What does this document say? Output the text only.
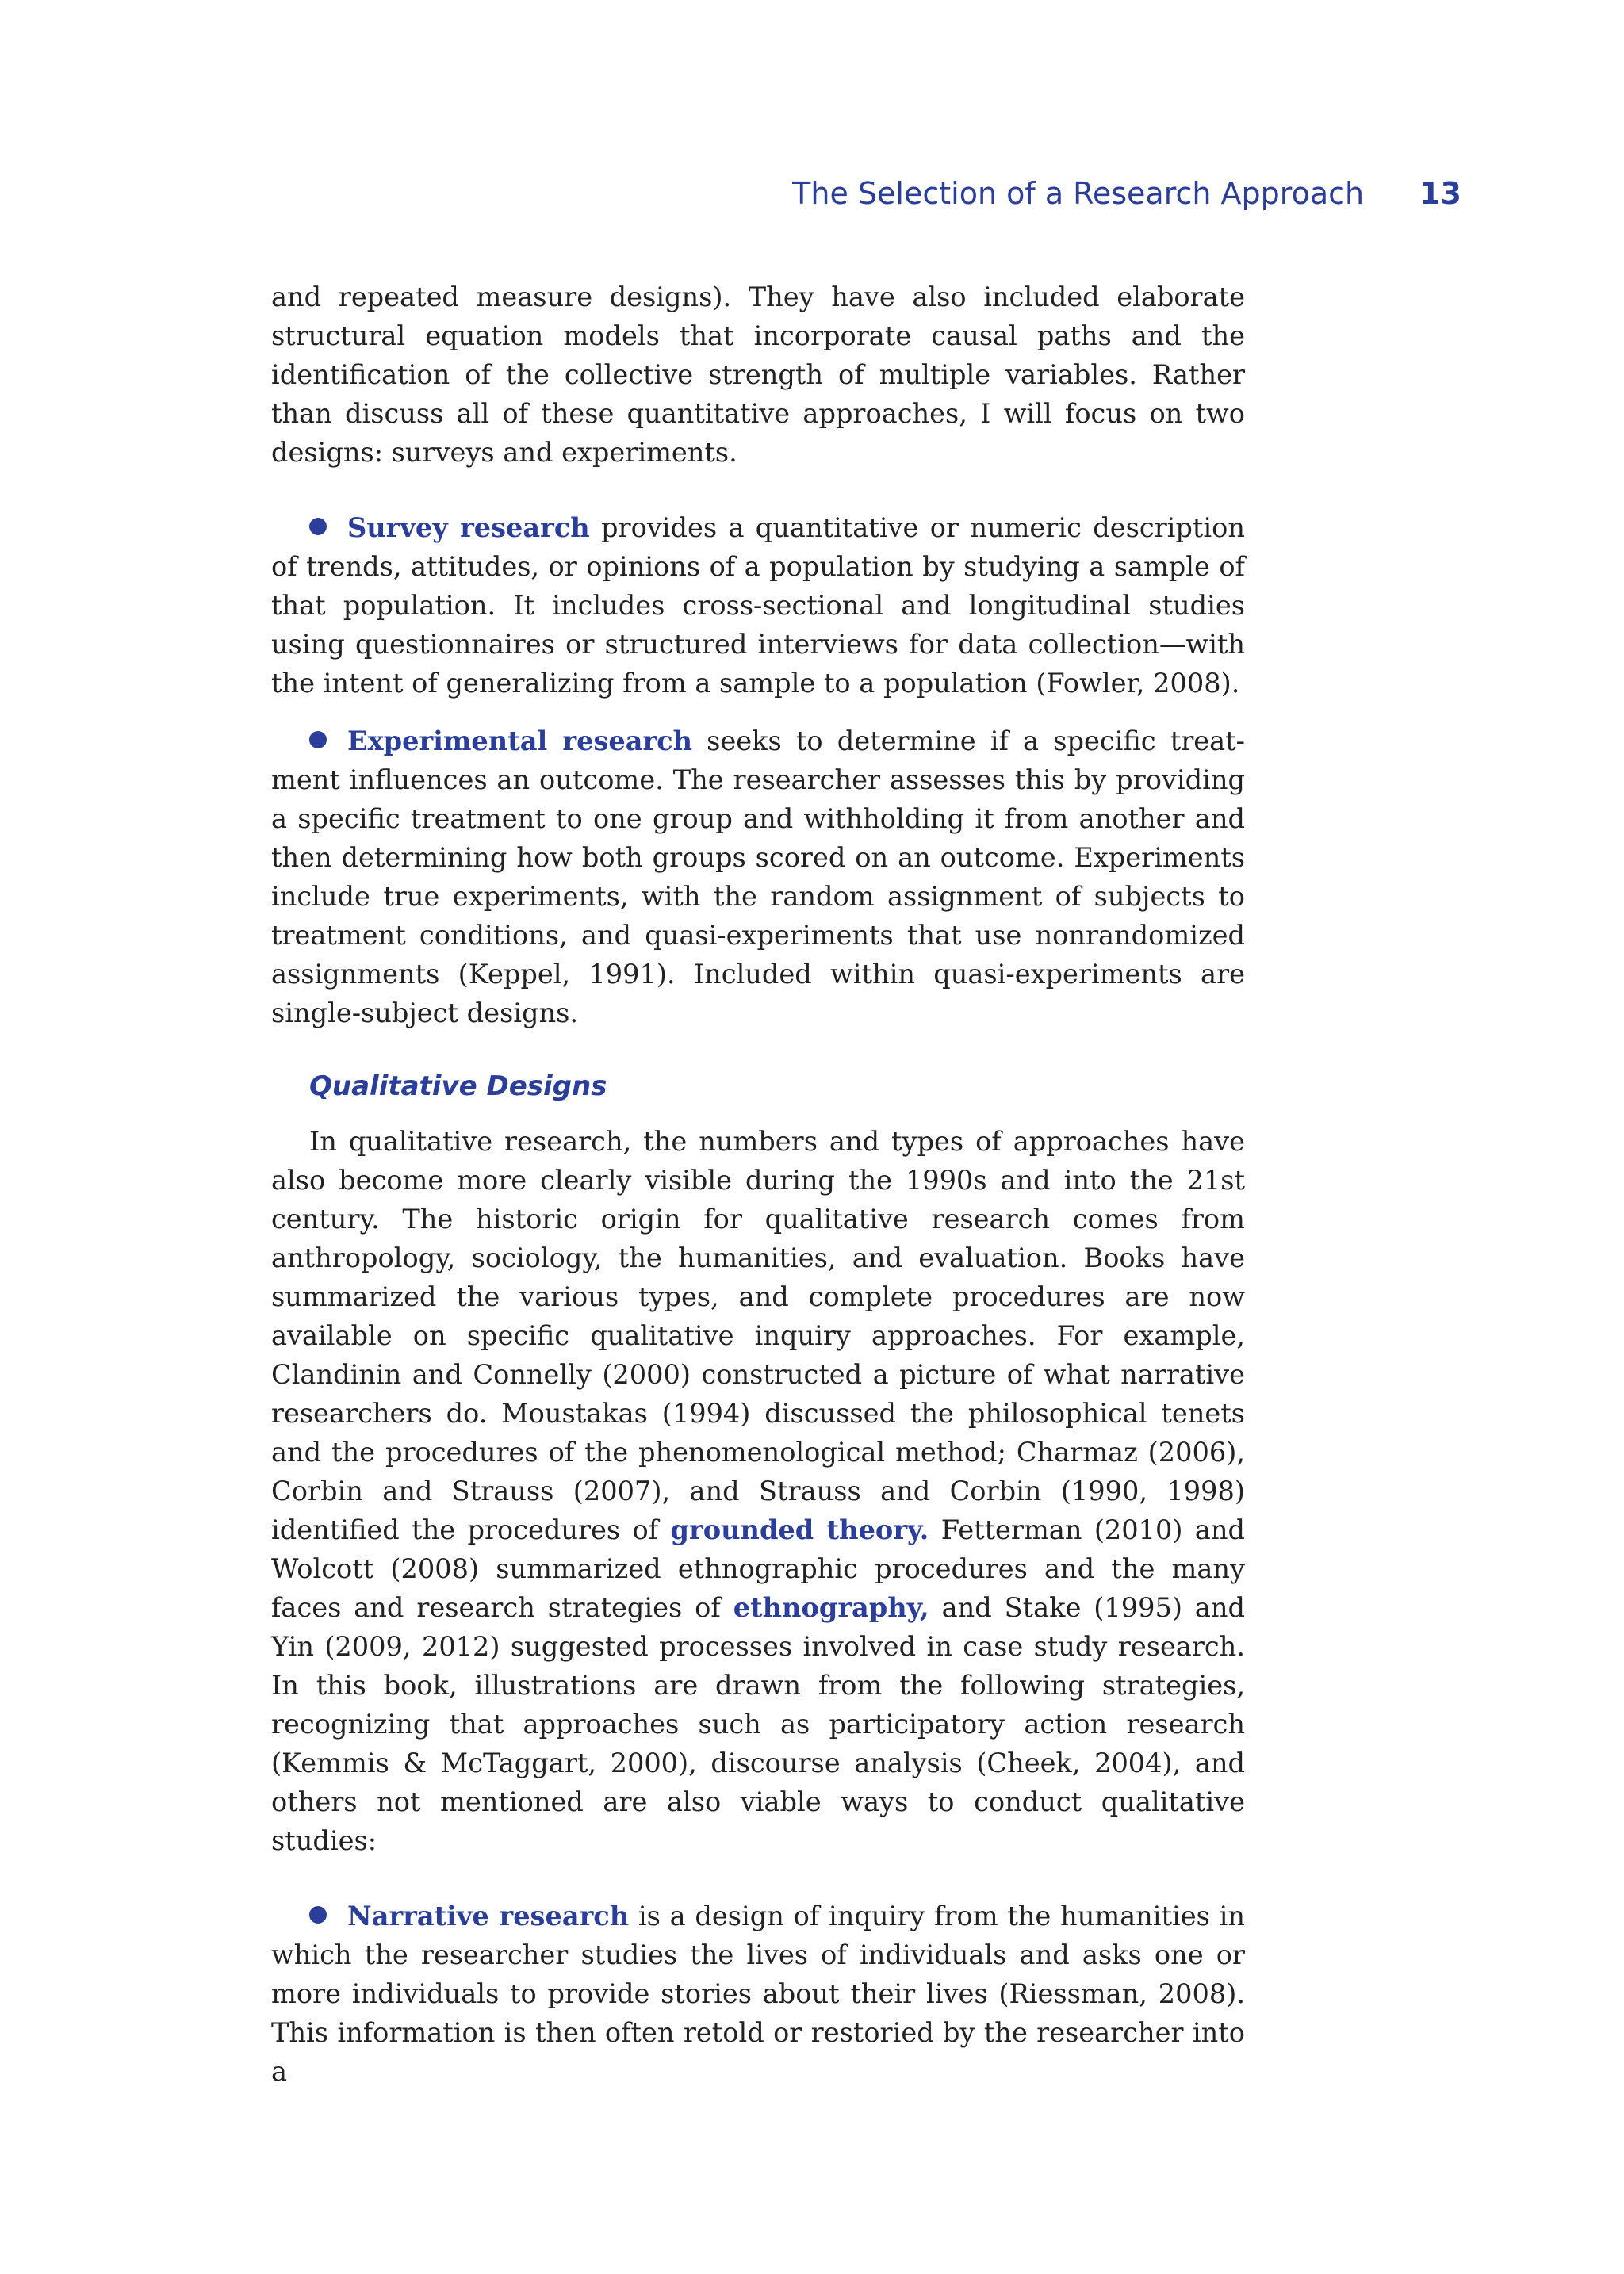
The Selection of a Research Approach 13

and repeated measure designs). They have also included elaborate structural equation models that incorporate causal paths and the identification of the collective strength of multiple variables. Rather than discuss all of these quantitative approaches, I will focus on two designs: surveys and experiments.

Survey research provides a quantitative or numeric description of trends, attitudes, or opinions of a population by studying a sample of that population. It includes cross-sectional and longitudinal studies using questionnaires or structured interviews for data collection—with the intent of generalizing from a sample to a population (Fowler, 2008).

Experimental research seeks to determine if a specific treatment influences an outcome. The researcher assesses this by providing a specific treatment to one group and withholding it from another and then determining how both groups scored on an outcome. Experiments include true experiments, with the random assignment of subjects to treatment conditions, and quasi-experiments that use nonrandomized assignments (Keppel, 1991). Included within quasi-experiments are single-subject designs.

Qualitative Designs

In qualitative research, the numbers and types of approaches have also become more clearly visible during the 1990s and into the 21st century. The historic origin for qualitative research comes from anthropology, sociology, the humanities, and evaluation. Books have summarized the various types, and complete procedures are now available on specific qualitative inquiry approaches. For example, Clandinin and Connelly (2000) constructed a picture of what narrative researchers do. Moustakas (1994) discussed the philosophical tenets and the procedures of the phenomenological method; Charmaz (2006), Corbin and Strauss (2007), and Strauss and Corbin (1990, 1998) identified the procedures of grounded theory. Fetterman (2010) and Wolcott (2008) summarized ethnographic procedures and the many faces and research strategies of ethnography, and Stake (1995) and Yin (2009, 2012) suggested processes involved in case study research. In this book, illustrations are drawn from the following strategies, recognizing that approaches such as participatory action research (Kemmis & McTaggart, 2000), discourse analysis (Cheek, 2004), and others not mentioned are also viable ways to conduct qualitative studies:

Narrative research is a design of inquiry from the humanities in which the researcher studies the lives of individuals and asks one or more individuals to provide stories about their lives (Riessman, 2008). This information is then often retold or restoried by the researcher into a
